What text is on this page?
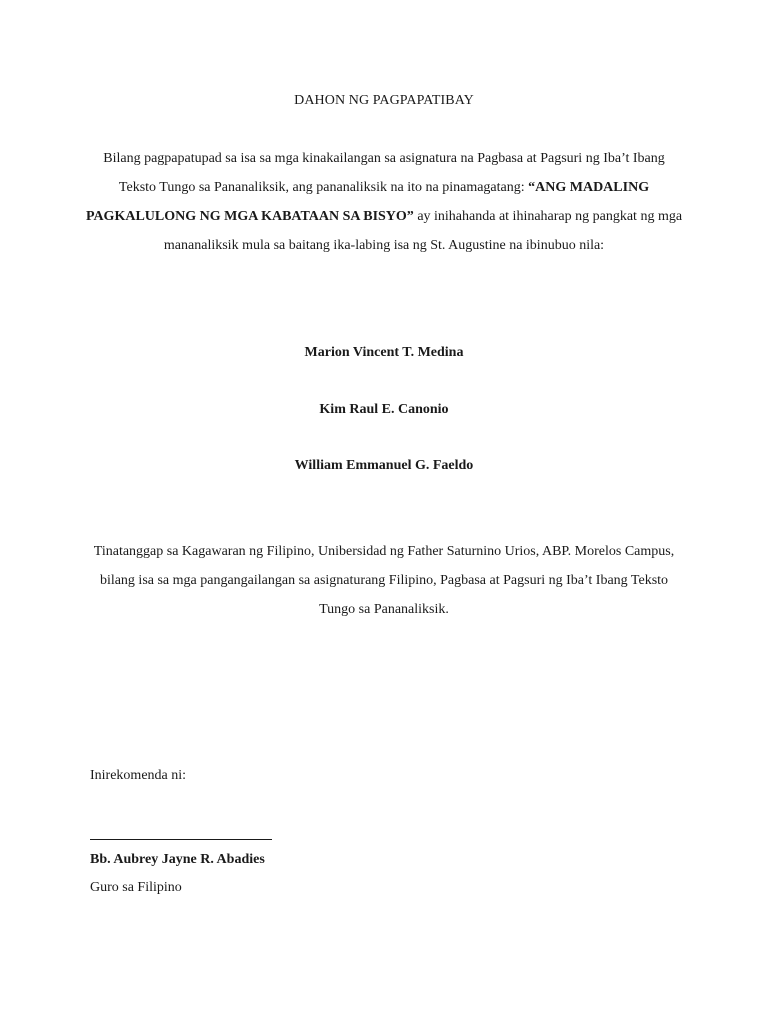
DAHON NG PAGPAPATIBAY
Bilang pagpapatupad sa isa sa mga kinakailangan sa asignatura na Pagbasa at Pagsuri ng Iba’t Ibang Teksto Tungo sa Pananaliksik, ang pananaliksik na ito na pinamagatang: “ANG MADALING PAGKALULONG NG MGA KABATAAN SA BISYO” ay inihahanda at ihinaharap ng pangkat ng mga mananaliksik mula sa baitang ika-labing isa ng St. Augustine na ibinubuo nila:
Marion Vincent T. Medina
Kim Raul E. Canonio
William Emmanuel G. Faeldo
Tinatanggap sa Kagawaran ng Filipino, Unibersidad ng Father Saturnino Urios, ABP. Morelos Campus, bilang isa sa mga pangangailangan sa asignaturang Filipino, Pagbasa at Pagsuri ng Iba’t Ibang Teksto Tungo sa Pananaliksik.
Inirekomenda ni:
Bb. Aubrey Jayne R. Abadies
Guro sa Filipino
